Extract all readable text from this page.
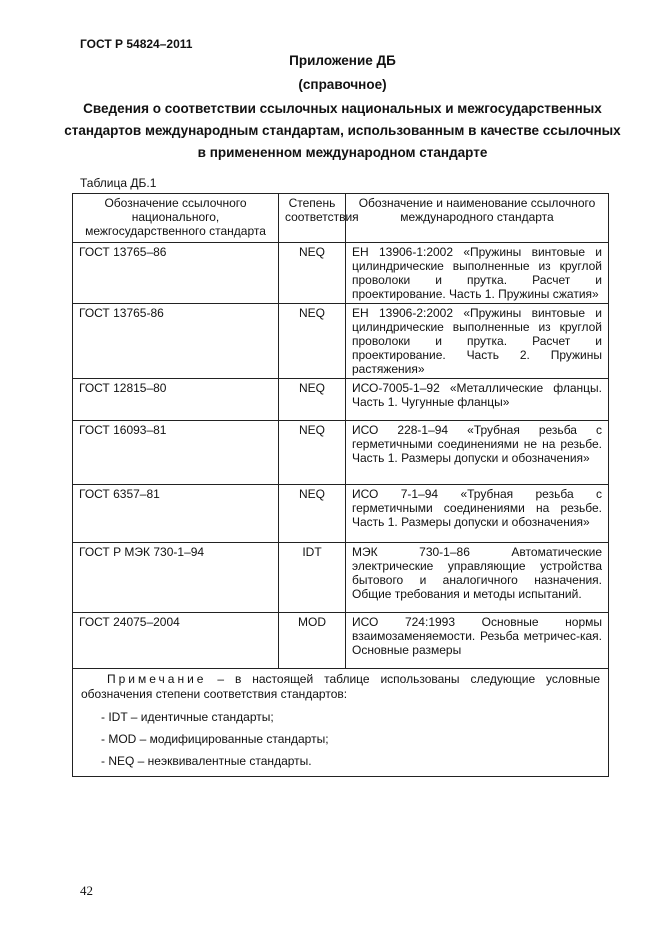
ГОСТ Р 54824–2011
Приложение ДБ
(справочное)
Сведения о соответствии ссылочных национальных и межгосударственных стандартов международным стандартам, использованным в качестве ссылочных в примененном международном стандарте
Таблица ДБ.1
Обозначение ссылочного национального, межгосударственного стандарта	Степень соответствия	Обозначение и наименование ссылочного международного стандарта
ГОСТ 13765–86	NEQ	ЕН 13906-1:2002 «Пружины винтовые и цилиндрические выполненные из круглой проволоки и прутка. Расчет и проектирование. Часть 1. Пружины сжатия»
ГОСТ 13765-86	NEQ	ЕН 13906-2:2002 «Пружины винтовые и цилиндрические выполненные из круглой проволоки и прутка. Расчет и проектирование. Часть 2. Пружины растяжения»
ГОСТ 12815–80	NEQ	ИСО-7005-1–92 «Металлические фланцы. Часть 1. Чугунные фланцы»
ГОСТ 16093–81	NEQ	ИСО 228-1–94 «Трубная резьба с герметичными соединениями не на резьбе. Часть 1. Размеры допуски и обозначения»
ГОСТ 6357–81	NEQ	ИСО 7-1–94 «Трубная резьба с герметичными соединениями на резьбе. Часть 1. Размеры допуски и обозначения»
ГОСТ Р МЭК 730-1–94	IDT	МЭК 730-1–86 Автоматические электрические управляющие устройства бытового и аналогичного назначения. Общие требования и методы испытаний.
ГОСТ 24075–2004	MOD	ИСО 724:1993 Основные нормы взаимозаменяемости. Резьба метричес-кая. Основные размеры

Примечание – в настоящей таблице использованы следующие условные обозначения степени соответствия стандартов:
- IDT – идентичные стандарты;
- MOD – модифицированные стандарты;
- NEQ – неэквивалентные стандарты.		
42
